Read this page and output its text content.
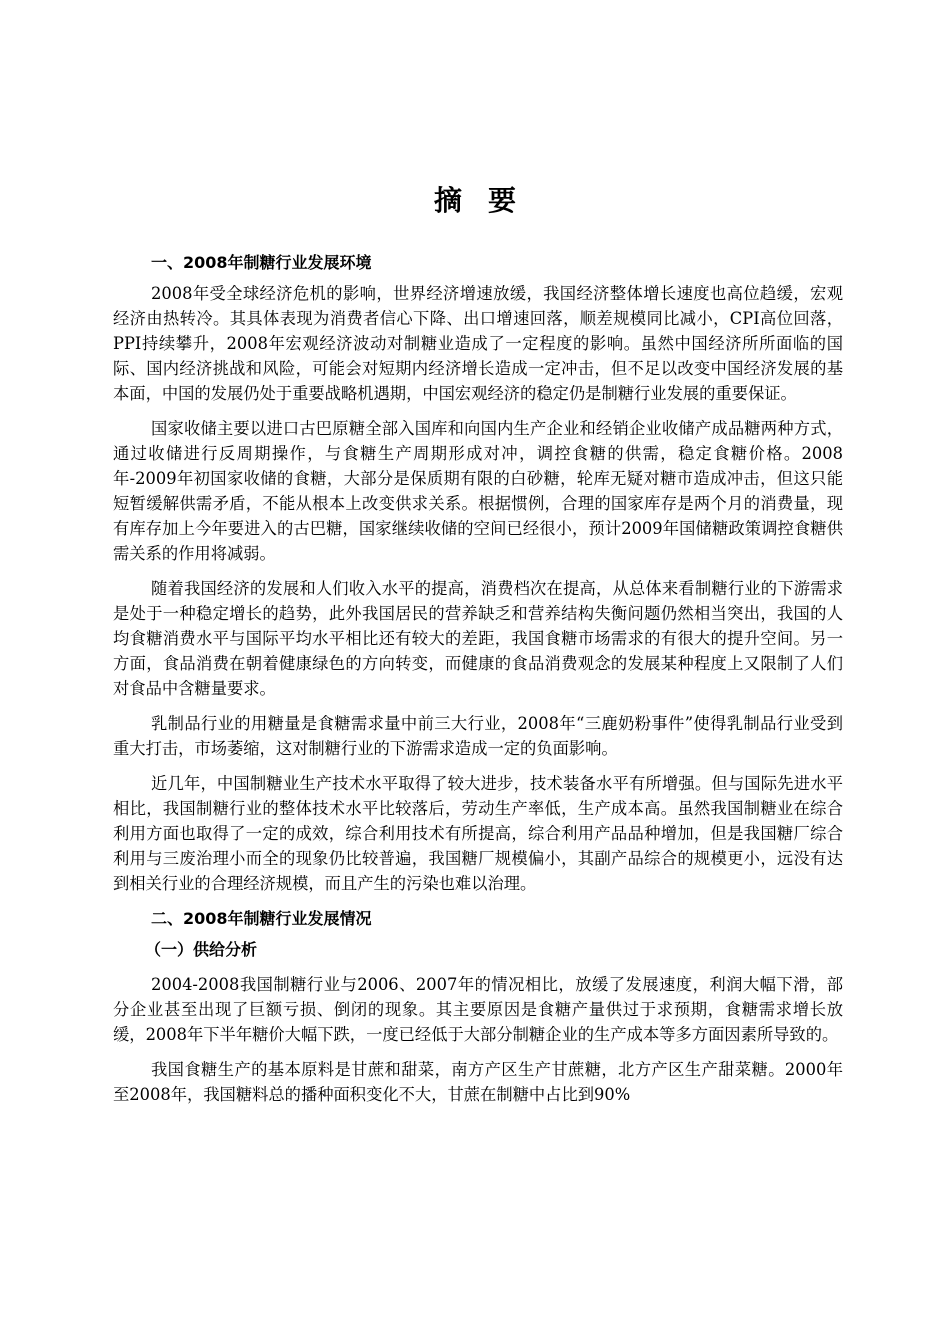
摘要
一、2008年制糖行业发展环境

2008年受全球经济危机的影响，世界经济增速放缓，我国经济整体增长速度也高位趋缓，宏观经济由热转冷。其具体表现为消费者信心下降、出口增速回落，顺差规模同比减小，CPI高位回落，PPI持续攀升，2008年宏观经济波动对制糖业造成了一定程度的影响。虽然中国经济所所面临的国际、国内经济挑战和风险，可能会对短期内经济增长造成一定冲击，但不足以改变中国经济发展的基本面，中国的发展仍处于重要战略机遇期，中国宏观经济的稳定仍是制糖行业发展的重要保证。

国家收储主要以进口古巴原糖全部入国库和向国内生产企业和经销企业收储产成品糖两种方式，通过收储进行反周期操作，与食糖生产周期形成对冲，调控食糖的供需，稳定食糖价格。2008年-2009年初国家收储的食糖，大部分是保质期有限的白砂糖，轮库无疑对糖市造成冲击，但这只能短暂缓解供需矛盾，不能从根本上改变供求关系。根据惯例，合理的国家库存是两个月的消费量，现有库存加上今年要进入的古巴糖，国家继续收储的空间已经很小，预计2009年国储糖政策调控食糖供需关系的作用将减弱。

随着我国经济的发展和人们收入水平的提高，消费档次在提高，从总体来看制糖行业的下游需求是处于一种稳定增长的趋势，此外我国居民的营养缺乏和营养结构失衡问题仍然相当突出，我国的人均食糖消费水平与国际平均水平相比还有较大的差距，我国食糖市场需求的有很大的提升空间。另一方面，食品消费在朝着健康绿色的方向转变，而健康的食品消费观念的发展某种程度上又限制了人们对食品中含糖量要求。

乳制品行业的用糖量是食糖需求量中前三大行业，2008年“三鹿奶粉事件”使得乳制品行业受到重大打击，市场萎缩，这对制糖行业的下游需求造成一定的负面影响。

近几年，中国制糖业生产技术水平取得了较大进步，技术装备水平有所增强。但与国际先进水平相比，我国制糖行业的整体技术水平比较落后，劳动生产率低，生产成本高。虽然我国制糖业在综合利用方面也取得了一定的成效，综合利用技术有所提高，综合利用产品品种增加，但是我国糖厂综合利用与三废治理小而全的现象仍比较普遍，我国糖厂规模偏小，其副产品综合的规模更小，远没有达到相关行业的合理经济规模，而且产生的污染也难以治理。

二、2008年制糖行业发展情况
（一）供给分析

2004-2008我国制糖行业与2006、2007年的情况相比，放缓了发展速度，利润大幅下滑，部分企业甚至出现了巨额亏损、倒闭的现象。其主要原因是食糖产量供过于求预期，食糖需求增长放缓，2008年下半年糖价大幅下跌，一度已经低于大部分制糖企业的生产成本等多方面因素所导致的。

我国食糖生产的基本原料是甘蔗和甜菜，南方产区生产甘蔗糖，北方产区生产甜菜糖。2000年至2008年，我国糖料总的播种面积变化不大，甘蔗在制糖中占比到90%
